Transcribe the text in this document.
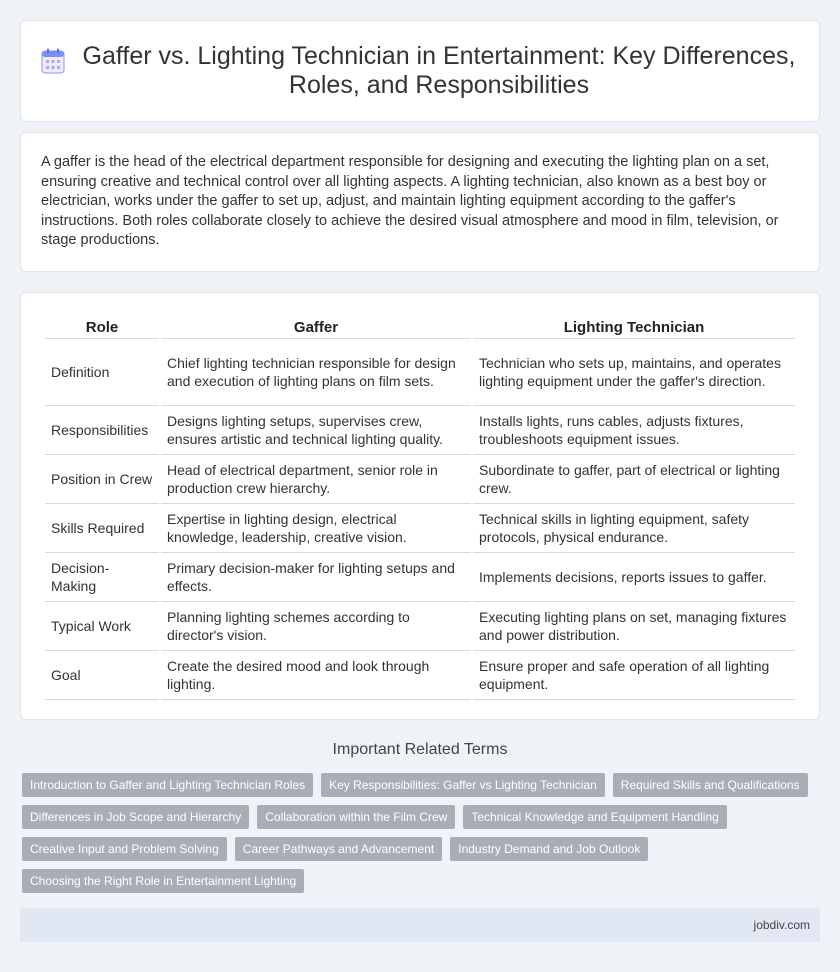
Gaffer vs. Lighting Technician in Entertainment: Key Differences, Roles, and Responsibilities

A gaffer is the head of the electrical department responsible for designing and executing the lighting plan on a set, ensuring creative and technical control over all lighting aspects. A lighting technician, also known as a best boy or electrician, works under the gaffer to set up, adjust, and maintain lighting equipment according to the gaffer's instructions. Both roles collaborate closely to achieve the desired visual atmosphere and mood in film, television, or stage productions.

Role	Gaffer	Lighting Technician
Definition	Chief lighting technician responsible for design and execution of lighting plans on film sets.	Technician who sets up, maintains, and operates lighting equipment under the gaffer's direction.
Responsibilities	Designs lighting setups, supervises crew, ensures artistic and technical lighting quality.	Installs lights, runs cables, adjusts fixtures, troubleshoots equipment issues.
Position in Crew	Head of electrical department, senior role in production crew hierarchy.	Subordinate to gaffer, part of electrical or lighting crew.
Skills Required	Expertise in lighting design, electrical knowledge, leadership, creative vision.	Technical skills in lighting equipment, safety protocols, physical endurance.
Decision-Making	Primary decision-maker for lighting setups and effects.	Implements decisions, reports issues to gaffer.
Typical Work	Planning lighting schemes according to director's vision.	Executing lighting plans on set, managing fixtures and power distribution.
Goal	Create the desired mood and look through lighting.	Ensure proper and safe operation of all lighting equipment.
Important Related Terms
Introduction to Gaffer and Lighting Technician Roles	Key Responsibilities: Gaffer vs Lighting Technician	Required Skills and Qualifications
Differences in Job Scope and Hierarchy	Collaboration within the Film Crew	Technical Knowledge and Equipment Handling
Creative Input and Problem Solving	Career Pathways and Advancement	Industry Demand and Job Outlook
Choosing the Right Role in Entertainment Lighting
jobdiv.com
